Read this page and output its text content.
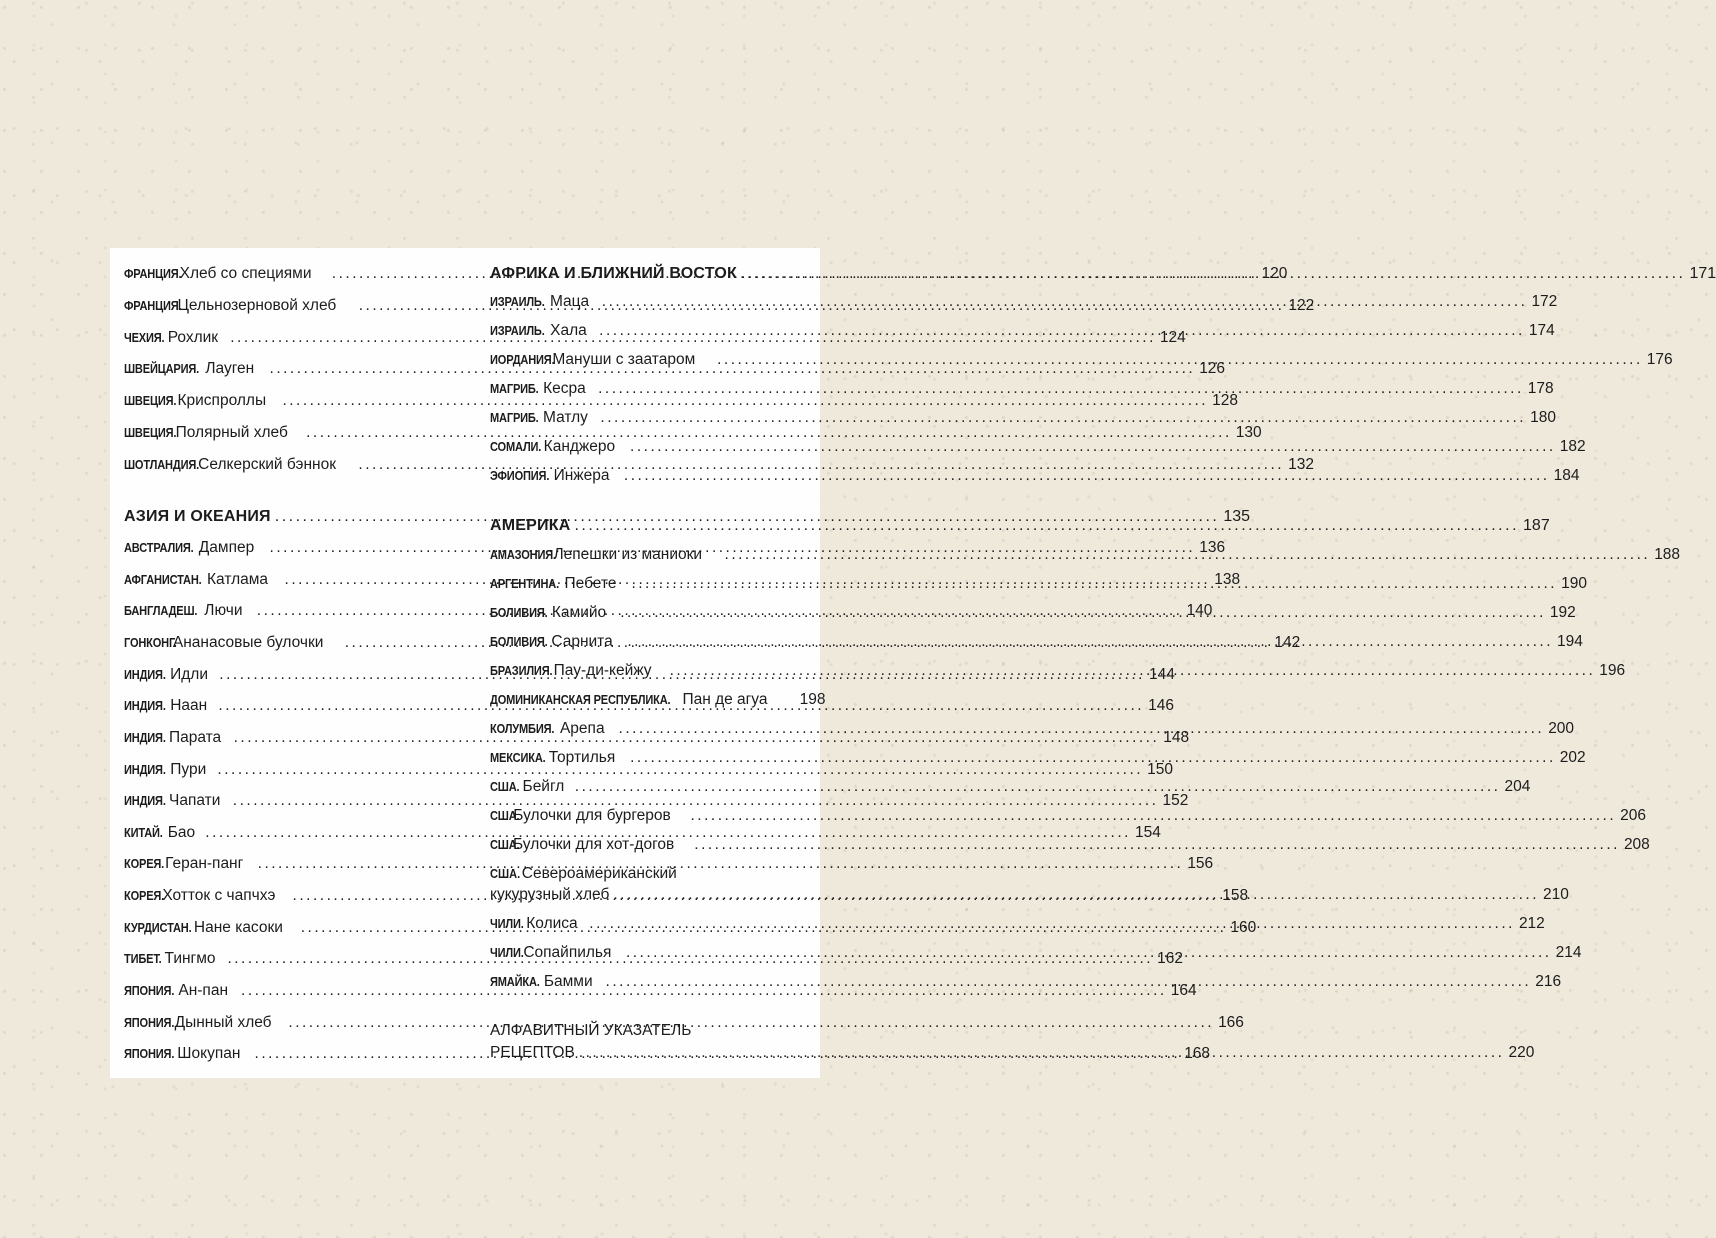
ФРАНЦИЯ. Хлеб со специями .....	120
ФРАНЦИЯ. Цельнозерновой хлеб .....	122
ЧЕХИЯ. Рохлик .....	124
ШВЕЙЦАРИЯ. Лауген .....	126
ШВЕЦИЯ. Криспроллы .....	128
ШВЕЦИЯ. Полярный хлеб .....	130
ШОТЛАНДИЯ. Селкерский бэннок .....	132
АЗИЯ И ОКЕАНИЯ .....	135
АВСТРАЛИЯ. Дампер .....	136
АФГАНИСТАН. Катлама .....	138
БАНГЛАДЕШ. Лючи .....	140
ГОНКОНГ. Ананасовые булочки .....	142
ИНДИЯ. Идли .....	144
ИНДИЯ. Наан .....	146
ИНДИЯ. Парата .....	148
ИНДИЯ. Пури .....	150
ИНДИЯ. Чапати .....	152
КИТАЙ. Бао .....	154
КОРЕЯ. Геран-панг .....	156
КОРЕЯ. Хотток с чапчхэ .....	158
КУРДИСТАН. Нане касоки .....	160
ТИБЕТ. Тингмо .....	162
ЯПОНИЯ. Ан-пан .....	164
ЯПОНИЯ. Дынный хлеб .....	166
ЯПОНИЯ. Шокупан .....	168
АФРИКА И БЛИЖНИЙ ВОСТОК .....	171
ИЗРАИЛЬ. Маца .....	172
ИЗРАИЛЬ. Хала .....	174
ИОРДАНИЯ. Мануши с заатаром .....	176
МАГРИБ. Кесра .....	178
МАГРИБ. Матлу .....	180
СОМАЛИ. Канджеро .....	182
ЭФИОПИЯ. Инжера .....	184
АМЕРИКА .....	187
АМАЗОНИЯ. Лепешки из маниоки .....	188
АРГЕНТИНА. Пебете .....	190
БОЛИВИЯ. Камийо .....	192
БОЛИВИЯ. Сарнита .....	194
БРАЗИЛИЯ. Пау-ди-кейжу .....	196
ДОМИНИКАНСКАЯ РЕСПУБЛИКА. Пан де агуа	198
КОЛУМБИЯ. Арепа .....	200
МЕКСИКА. Тортилья .....	202
США. Бейгл .....	204
США. Булочки для бургеров .....	206
США. Булочки для хот-догов .....	208
США. Североамериканский
кукурузный хлеб .....	210
ЧИЛИ. Колиса .....	212
ЧИЛИ. Сопайпилья .....	214
ЯМАЙКА. Бамми .....	216
АЛФАВИТНЫЙ УКАЗАТЕЛЬ
РЕЦЕПТОВ .....	220
